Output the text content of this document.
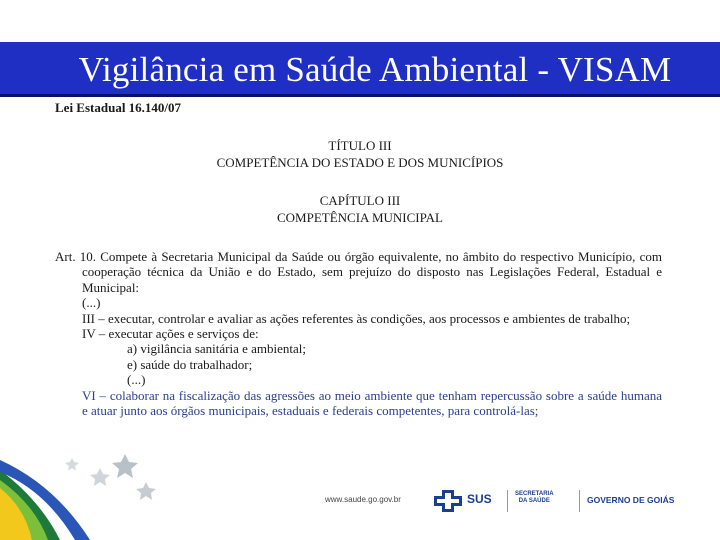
Vigilância em Saúde Ambiental - VISAM
Lei Estadual 16.140/07
TÍTULO III
COMPETÊNCIA DO ESTADO E DOS MUNICÍPIOS
CAPÍTULO III
COMPETÊNCIA MUNICIPAL
Art. 10. Compete à Secretaria Municipal da Saúde ou órgão equivalente, no âmbito do respectivo Município, com cooperação técnica da União e do Estado, sem prejuízo do disposto nas Legislações Federal, Estadual e Municipal:
(...)
III – executar, controlar e avaliar as ações referentes às condições, aos processos e ambientes de trabalho;
IV – executar ações e serviços de:
a) vigilância sanitária e ambiental;
e) saúde do trabalhador;
(...)
VI – colaborar na fiscalização das agressões ao meio ambiente que tenham repercussão sobre a saúde humana e atuar junto aos órgãos municipais, estaduais e federais competentes, para controlá-las;
www.saude.go.gov.br	SUS	SECRETARIA
DA SAÚDE	GOVERNO DE GOIÁS
